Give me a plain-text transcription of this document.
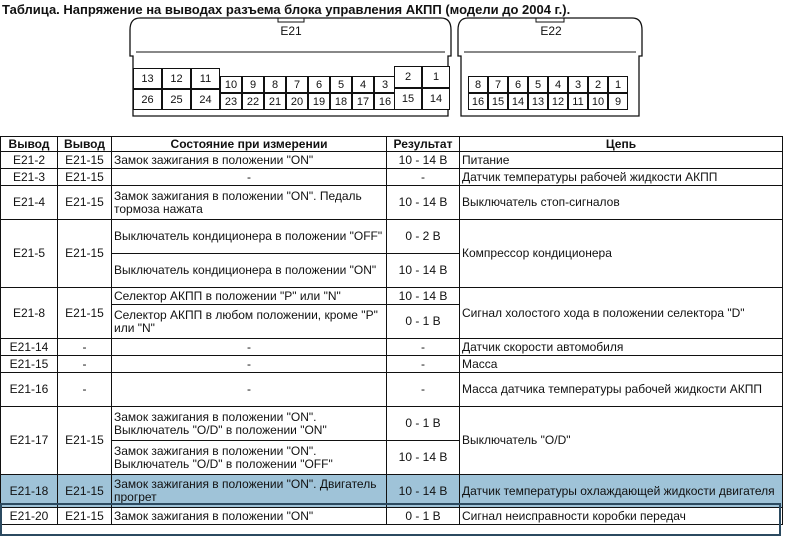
Таблица. Напряжение на выводах разъема блока управления АКПП (модели до 2004 г.).
E21
13	12	11
26	25	24
10	9	8	7	6	5	4	3
23 22 21 20 19 18 17 16
2	1
15	14
E22
8	7	6	5	4	3	2	1
16 15 14 13 12 11 10 9
Вывод	Вывод	Состояние при измерении	Результат	Цепь
E21-2	E21-15	Замок зажигания в положении "ON"	10 - 14 В	Питание
E21-3	E21-15	-	-	Датчик температуры рабочей жидкости АКПП
E21-4	E21-15	Замок зажигания в положении "ON". Педаль тормоза нажата	10 - 14 В	Выключатель стоп-сигналов
E21-5	E21-15	Выключатель кондиционера в положении "OFF"	0 - 2 В	Компрессор кондиционера
		Выключатель кондиционера в положении "ON"	10 - 14 В	
E21-8	E21-15	Селектор АКПП в положении "P" или "N"	10 - 14 В	Сигнал холостого хода в положении селектора "D"
		Селектор АКПП в любом положении, кроме "P" или "N"	0 - 1 В	
E21-14	-	-	-	Датчик скорости автомобиля
E21-15	-	-	-	Масса
E21-16	-	-	-	Масса датчика температуры рабочей жидкости АКПП
E21-17	E21-15	Замок зажигания в положении "ON". Выключатель "O/D" в положении "ON"	0 - 1 В	Выключатель "O/D"
		Замок зажигания в положении "ON". Выключатель "O/D" в положении "OFF"	10 - 14 В	
E21-18	E21-15	Замок зажигания в положении "ON". Двигатель прогрет	10 - 14 В	Датчик температуры охлаждающей жидкости двигателя
E21-20	E21-15	Замок зажигания в положении "ON"	0 - 1 В	Сигнал неисправности коробки передач
